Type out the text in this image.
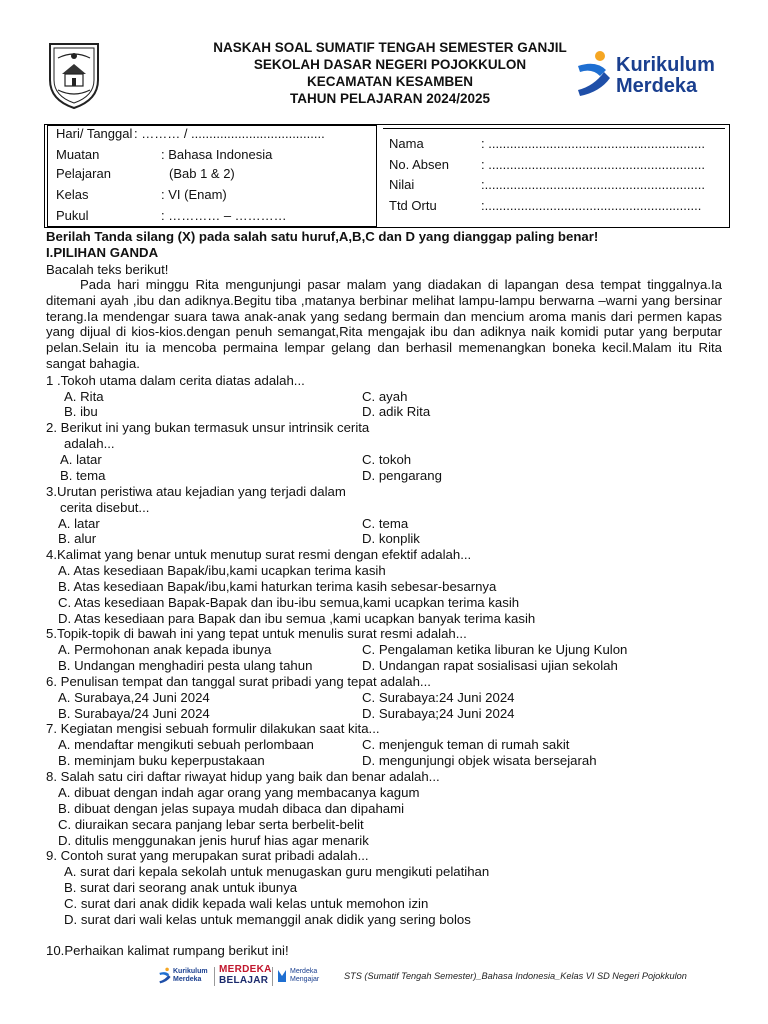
NASKAH SOAL SUMATIF TENGAH SEMESTER GANJIL
SEKOLAH DASAR NEGERI POJOKKULON
KECAMATAN KESAMBEN
TAHUN PELAJARAN 2024/2025
Kurikulum
Merdeka
Hari/ Tanggal : ……… / .....................................
Muatan	: Bahasa Indonesia
Pelajaran	(Bab 1 & 2)
Kelas	: VI (Enam)
Pukul	: ………… – …………
Nama	: ............................................................
No. Absen : ............................................................
Nilai	:.............................................................
Ttd Ortu	:............................................................
Berilah Tanda silang (X) pada salah satu huruf,A,B,C dan D yang dianggap paling benar!
I.PILIHAN GANDA
Bacalah teks berikut!
Pada hari minggu Rita mengunjungi pasar malam yang diadakan di lapangan desa tempat tinggalnya.Ia ditemani ayah ,ibu dan adiknya.Begitu tiba ,matanya berbinar melihat lampu-lampu berwarna –warni yang bersinar terang.Ia mendengar suara tawa anak-anak yang sedang bermain dan mencium aroma manis dari permen kapas yang dijual di kios-kios.dengan penuh semangat,Rita mengajak ibu dan adiknya naik komidi putar yang berputar pelan.Selain itu ia mencoba permaina lempar gelang dan berhasil memenangkan boneka kecil.Malam itu Rita sangat bahagia.
1 .Tokoh utama dalam cerita diatas adalah...
A. Rita	C. ayah
B. ibu	D. adik Rita
2. Berikut ini yang bukan termasuk unsur intrinsik cerita
adalah...
A. latar	C. tokoh
B. tema	D. pengarang
3.Urutan peristiwa atau kejadian yang terjadi dalam
cerita disebut...
A. latar	C. tema
B. alur	D. konplik
4.Kalimat yang benar untuk menutup surat resmi dengan efektif adalah...
A. Atas kesediaan Bapak/ibu,kami ucapkan terima kasih
B. Atas kesediaan Bapak/ibu,kami haturkan terima kasih sebesar-besarnya
C. Atas kesediaan Bapak-Bapak dan ibu-ibu semua,kami ucapkan terima kasih
D. Atas kesediaan para Bapak dan ibu semua ,kami ucapkan banyak terima kasih
5.Topik-topik di bawah ini yang tepat untuk menulis surat resmi adalah...
A. Permohonan anak kepada ibunya	C. Pengalaman ketika liburan ke Ujung Kulon
B. Undangan menghadiri pesta ulang tahun	D. Undangan rapat sosialisasi ujian sekolah
6. Penulisan tempat dan tanggal surat pribadi yang tepat adalah...
A. Surabaya,24 Juni 2024	C. Surabaya:24 Juni 2024
B. Surabaya/24 Juni 2024	D. Surabaya;24 Juni 2024
7. Kegiatan mengisi sebuah formulir dilakukan saat kita...
A. mendaftar mengikuti sebuah perlombaan	C. menjenguk teman di rumah sakit
B. meminjam buku keperpustakaan	D. mengunjungi objek wisata bersejarah
8. Salah satu ciri daftar riwayat hidup yang baik dan benar adalah...
A. dibuat dengan indah agar orang yang membacanya kagum
B. dibuat dengan jelas supaya mudah dibaca dan dipahami
C. diuraikan secara panjang lebar serta berbelit-belit
D. ditulis menggunakan jenis huruf hias agar menarik
9. Contoh surat yang merupakan surat pribadi adalah...
A. surat dari kepala sekolah untuk menugaskan guru mengikuti pelatihan
B. surat dari seorang anak untuk ibunya
C. surat dari anak didik kepada wali kelas untuk memohon izin
D. surat dari wali kelas untuk memanggil anak didik yang sering bolos
10.Perhaikan kalimat rumpang berikut ini!
Kurikulum
Merdeka
MERDEKA
BELAJAR
Merdeka
Mengajar	STS (Sumatif Tengah Semester)_Bahasa Indonesia_Kelas VI SD Negeri Pojokkulon
